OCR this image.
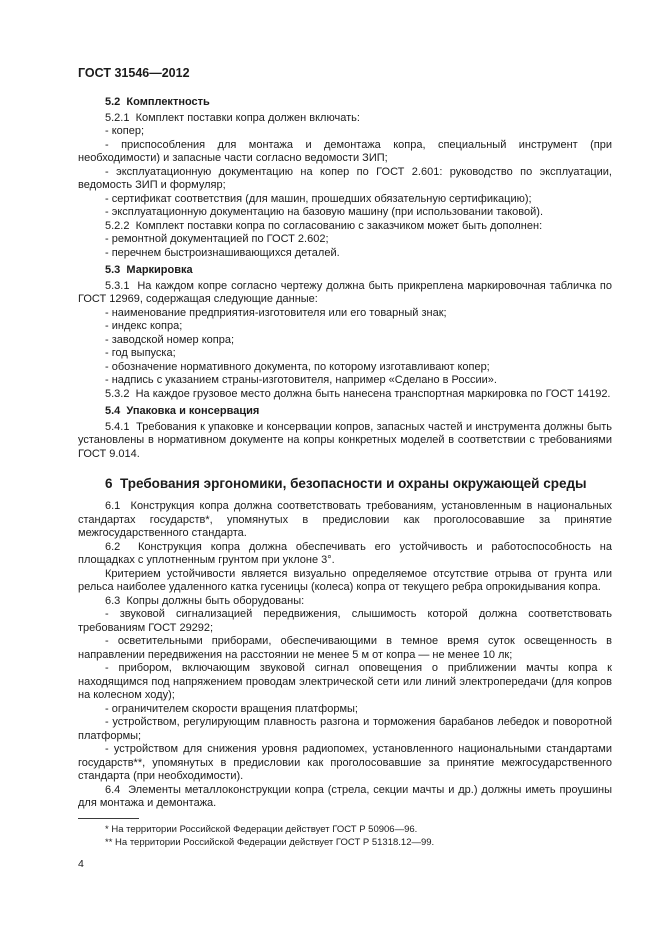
ГОСТ 31546—2012

5.2  Комплектность

5.2.1  Комплект поставки копра должен включать:

- копер;

- приспособления для монтажа и демонтажа копра, специальный инструмент (при необходимости) и запасные части согласно ведомости ЗИП;

- эксплуатационную документацию на копер по ГОСТ 2.601: руководство по эксплуатации, ведомость ЗИП и формуляр;

- сертификат соответствия (для машин, прошедших обязательную сертификацию);

- эксплуатационную документацию на базовую машину (при использовании таковой).

5.2.2  Комплект поставки копра по согласованию с заказчиком может быть дополнен:

- ремонтной документацией по ГОСТ 2.602;

- перечнем быстроизнашивающихся деталей.

5.3  Маркировка

5.3.1  На каждом копре согласно чертежу должна быть прикреплена маркировочная табличка по ГОСТ 12969, содержащая следующие данные:

- наименование предприятия-изготовителя или его товарный знак;

- индекс копра;

- заводской номер копра;

- год выпуска;

- обозначение нормативного документа, по которому изготавливают копер;

- надпись с указанием страны-изготовителя, например «Сделано в России».

5.3.2  На каждое грузовое место должна быть нанесена транспортная маркировка по ГОСТ 14192.

5.4  Упаковка и консервация

5.4.1  Требования к упаковке и консервации копров, запасных частей и инструмента должны быть установлены в нормативном документе на копры конкретных моделей в соответствии с требованиями ГОСТ 9.014.

6  Требования эргономики, безопасности и охраны окружающей среды

6.1  Конструкция копра должна соответствовать требованиям, установленным в национальных стандартах государств*, упомянутых в предисловии как проголосовавшие за принятие межгосударственного стандарта.

6.2  Конструкция копра должна обеспечивать его устойчивость и работоспособность на площадках с уплотненным грунтом при уклоне 3°.

Критерием устойчивости является визуально определяемое отсутствие отрыва от грунта или рельса наиболее удаленного катка гусеницы (колеса) копра от текущего ребра опрокидывания копра.

6.3  Копры должны быть оборудованы:

- звуковой сигнализацией передвижения, слышимость которой должна соответствовать требованиям ГОСТ 29292;

- осветительными приборами, обеспечивающими в темное время суток освещенность в направлении передвижения на расстоянии не менее 5 м от копра — не менее 10 лк;

- прибором, включающим звуковой сигнал оповещения о приближении мачты копра к находящимся под напряжением проводам электрической сети или линий электропередачи (для копров на колесном ходу);

- ограничителем скорости вращения платформы;

- устройством, регулирующим плавность разгона и торможения барабанов лебедок и поворотной платформы;

- устройством для снижения уровня радиопомех, установленного национальными стандартами государств**, упомянутых в предисловии как проголосовавшие за принятие межгосударственного стандарта (при необходимости).

6.4  Элементы металлоконструкции копра (стрела, секции мачты и др.) должны иметь проушины для монтажа и демонтажа.

* На территории Российской Федерации действует ГОСТ Р 50906—96.

** На территории Российской Федерации действует ГОСТ Р 51318.12—99.

4
